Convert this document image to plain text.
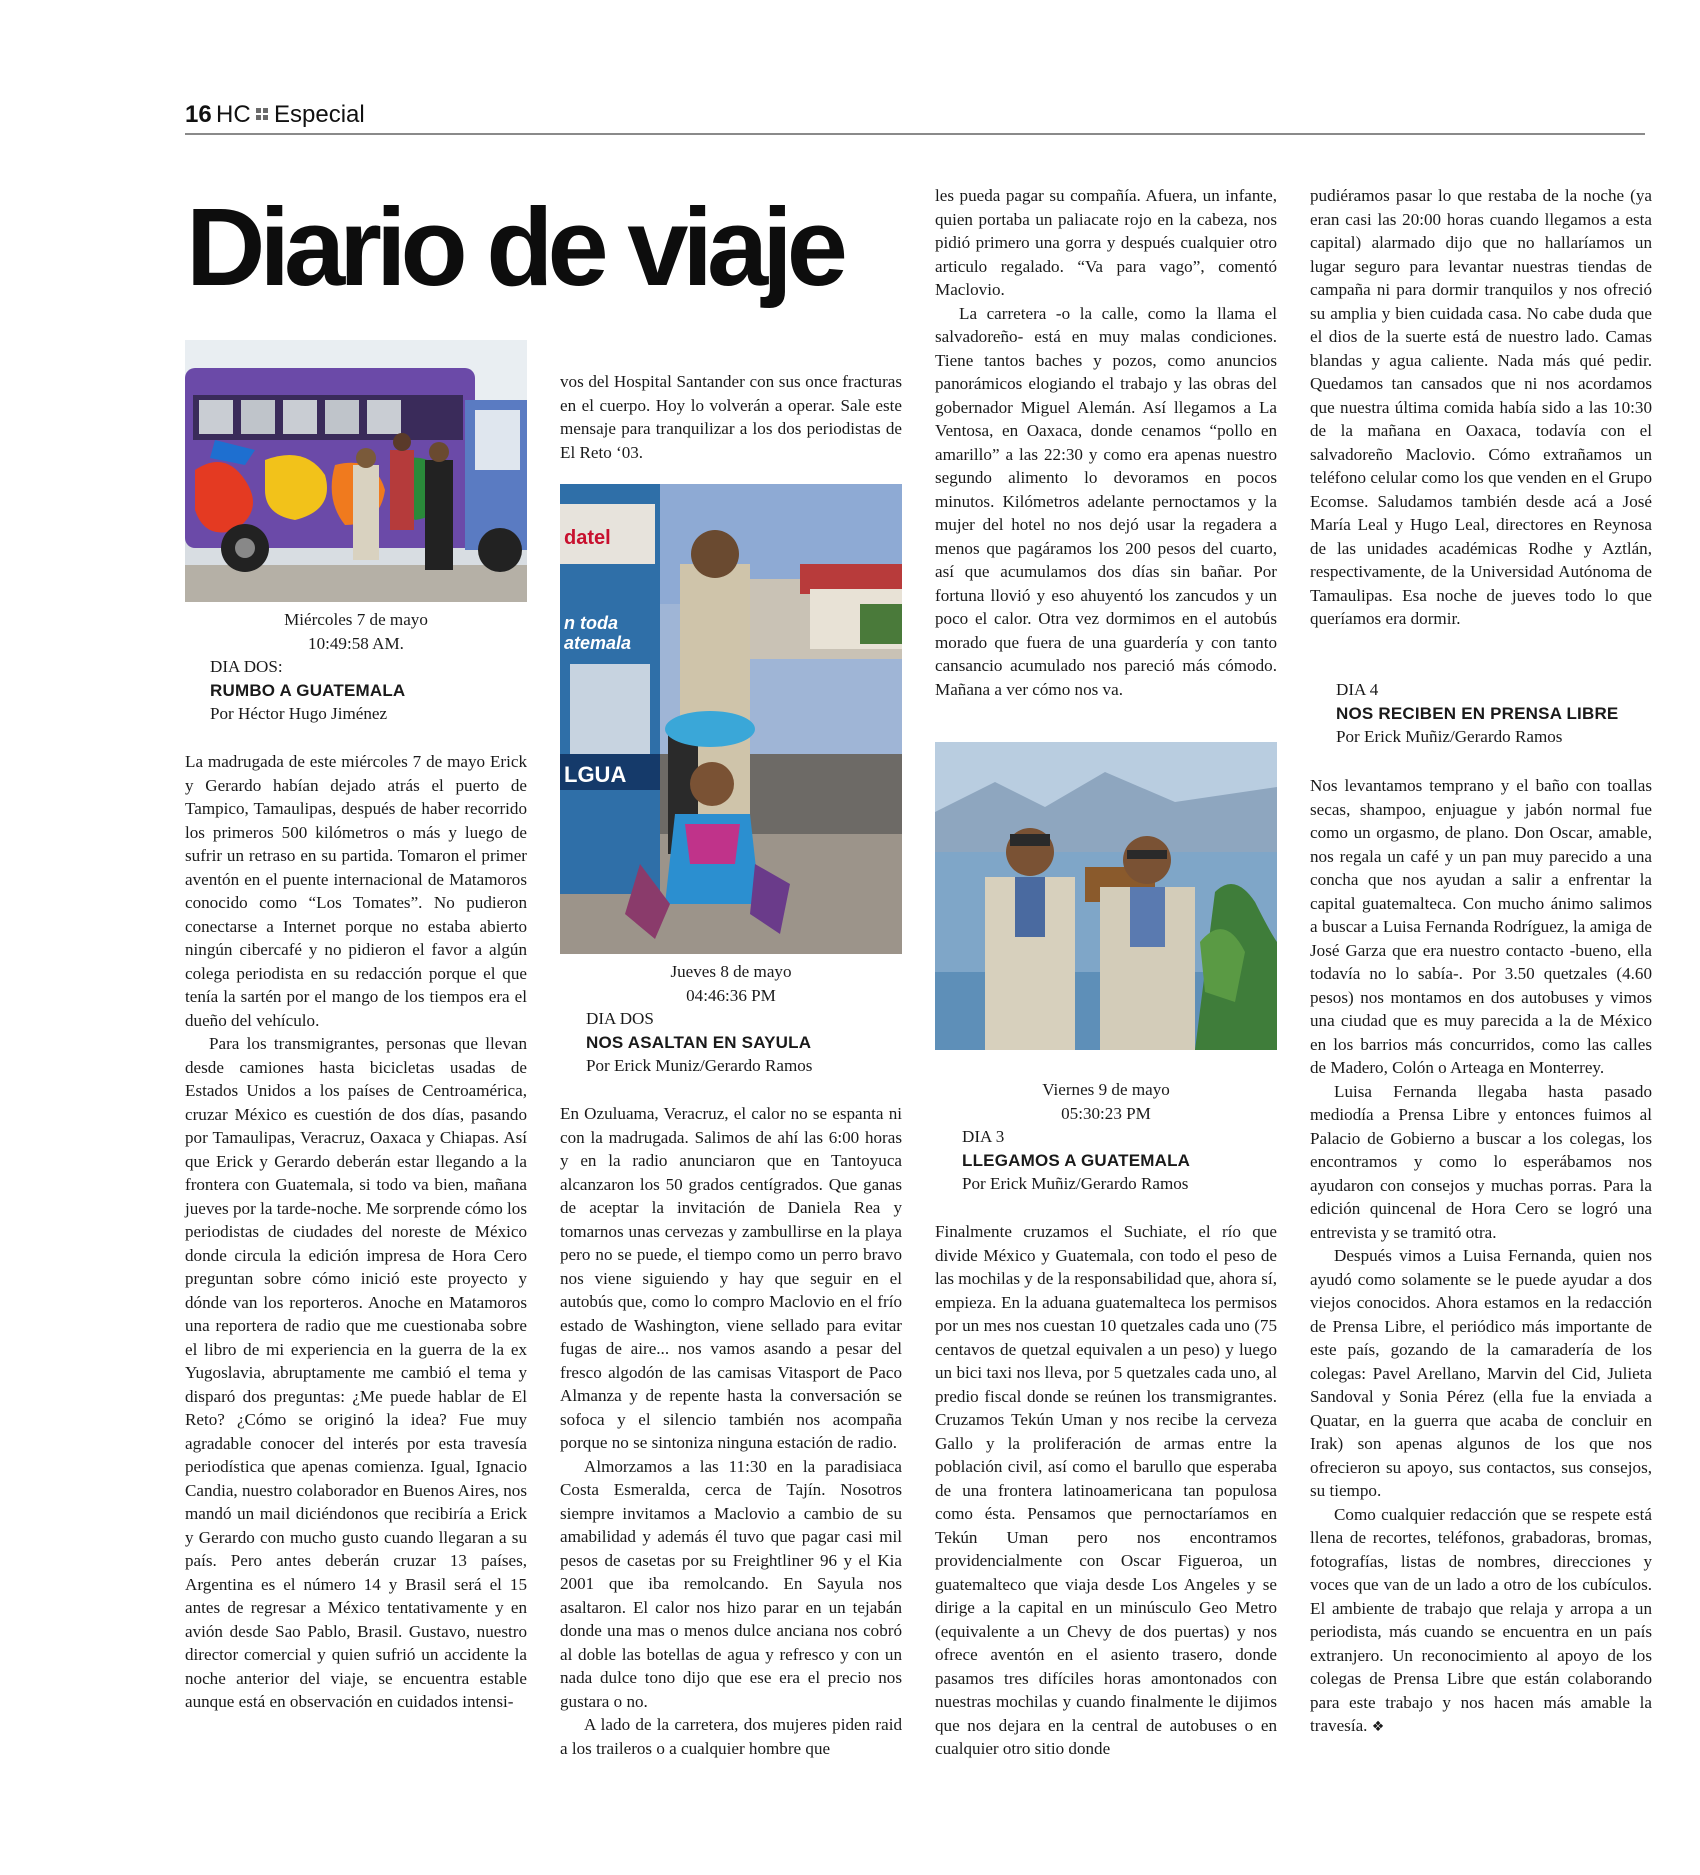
16 HC Especial
Diario de viaje
Miércoles 7 de mayo
10:49:58 AM.
DIA DOS:
RUMBO A GUATEMALA
Por Héctor Hugo Jiménez

La madrugada de este miércoles 7 de mayo Erick y Gerardo habían dejado atrás el puerto de Tampico, Tamaulipas, después de haber recorrido los primeros 500 kilómetros o más y luego de sufrir un retraso en su partida. Tomaron el primer aventón en el puente internacional de Matamoros conocido como “Los Tomates”. No pudieron conectarse a Internet porque no estaba abierto ningún cibercafé y no pidieron el favor a algún colega periodista en su redacción porque el que tenía la sartén por el mango de los tiempos era el dueño del vehículo.

Para los transmigrantes, personas que llevan desde camiones hasta bicicletas usadas de Estados Unidos a los países de Centroamérica, cruzar México es cuestión de dos días, pasando por Tamaulipas, Veracruz, Oaxaca y Chiapas. Así que Erick y Gerardo deberán estar llegando a la frontera con Guatemala, si todo va bien, mañana jueves por la tarde-noche. Me sorprende cómo los periodistas de ciudades del noreste de México donde circula la edición impresa de Hora Cero preguntan sobre cómo inició este proyecto y dónde van los reporteros. Anoche en Matamoros una reportera de radio que me cuestionaba sobre el libro de mi experiencia en la guerra de la ex Yugoslavia, abruptamente me cambió el tema y disparó dos preguntas: ¿Me puede hablar de El Reto? ¿Cómo se originó la idea? Fue muy agradable conocer del interés por esta travesía periodística que apenas comienza. Igual, Ignacio Candia, nuestro colaborador en Buenos Aires, nos mandó un mail diciéndonos que recibiría a Erick y Gerardo con mucho gusto cuando llegaran a su país. Pero antes deberán cruzar 13 países, Argentina es el número 14 y Brasil será el 15 antes de regresar a México tentativamente y en avión desde Sao Pablo, Brasil. Gustavo, nuestro director comercial y quien sufrió un accidente la noche anterior del viaje, se encuentra estable aunque está en observación en cuidados intensi-

vos del Hospital Santander con sus once fracturas en el cuerpo. Hoy lo volverán a operar. Sale este mensaje para tranquilizar a los dos periodistas de El Reto ‘03.

datel
n toda
atemala
LGUA
Jueves 8 de mayo
04:46:36 PM
DIA DOS
NOS ASALTAN EN SAYULA
Por Erick Muniz/Gerardo Ramos

En Ozuluama, Veracruz, el calor no se espanta ni con la madrugada. Salimos de ahí las 6:00 horas y en la radio anunciaron que en Tantoyuca alcanzaron los 50 grados centígrados. Que ganas de aceptar la invitación de Daniela Rea y tomarnos unas cervezas y zambullirse en la playa pero no se puede, el tiempo como un perro bravo nos viene siguiendo y hay que seguir en el autobús que, como lo compro Maclovio en el frío estado de Washington, viene sellado para evitar fugas de aire... nos vamos asando a pesar del fresco algodón de las camisas Vitasport de Paco Almanza y de repente hasta la conversación se sofoca y el silencio también nos acompaña porque no se sintoniza ninguna estación de radio.

Almorzamos a las 11:30 en la paradisiaca Costa Esmeralda, cerca de Tajín. Nosotros siempre invitamos a Maclovio a cambio de su amabilidad y además él tuvo que pagar casi mil pesos de casetas por su Freightliner 96 y el Kia 2001 que iba remolcando. En Sayula nos asaltaron. El calor nos hizo parar en un tejabán donde una mas o menos dulce anciana nos cobró al doble las botellas de agua y refresco y con un nada dulce tono dijo que ese era el precio nos gustara o no.

A lado de la carretera, dos mujeres piden raid a los traileros o a cualquier hombre que

les pueda pagar su compañía. Afuera, un infante, quien portaba un paliacate rojo en la cabeza, nos pidió primero una gorra y después cualquier otro articulo regalado. “Va para vago”, comentó Maclovio.

La carretera -o la calle, como la llama el salvadoreño- está en muy malas condiciones. Tiene tantos baches y pozos, como anuncios panorámicos elogiando el trabajo y las obras del gobernador Miguel Alemán. Así llegamos a La Ventosa, en Oaxaca, donde cenamos “pollo en amarillo” a las 22:30 y como era apenas nuestro segundo alimento lo devoramos en pocos minutos. Kilómetros adelante pernoctamos y la mujer del hotel no nos dejó usar la regadera a menos que pagáramos los 200 pesos del cuarto, así que acumulamos dos días sin bañar. Por fortuna llovió y eso ahuyentó los zancudos y un poco el calor. Otra vez dormimos en el autobús morado que fuera de una guardería y con tanto cansancio acumulado nos pareció más cómodo. Mañana a ver cómo nos va.

Viernes 9 de mayo
05:30:23 PM
DIA 3
LLEGAMOS A GUATEMALA
Por Erick Muñiz/Gerardo Ramos

Finalmente cruzamos el Suchiate, el río que divide México y Guatemala, con todo el peso de las mochilas y de la responsabilidad que, ahora sí, empieza. En la aduana guatemalteca los permisos por un mes nos cuestan 10 quetzales cada uno (75 centavos de quetzal equivalen a un peso) y luego un bici taxi nos lleva, por 5 quetzales cada uno, al predio fiscal donde se reúnen los transmigrantes. Cruzamos Tekún Uman y nos recibe la cerveza Gallo y la proliferación de armas entre la población civil, así como el barullo que esperaba de una frontera latinoamericana tan populosa como ésta. Pensamos que pernoctaríamos en Tekún Uman pero nos encontramos providencialmente con Oscar Figueroa, un guatemalteco que viaja desde Los Angeles y se dirige a la capital en un minúsculo Geo Metro (equivalente a un Chevy de dos puertas) y nos ofrece aventón en el asiento trasero, donde pasamos tres difíciles horas amontonados con nuestras mochilas y cuando finalmente le dijimos que nos dejara en la central de autobuses o en cualquier otro sitio donde

pudiéramos pasar lo que restaba de la noche (ya eran casi las 20:00 horas cuando llegamos a esta capital) alarmado dijo que no hallaríamos un lugar seguro para levantar nuestras tiendas de campaña ni para dormir tranquilos y nos ofreció su amplia y bien cuidada casa. No cabe duda que el dios de la suerte está de nuestro lado. Camas blandas y agua caliente. Nada más qué pedir. Quedamos tan cansados que ni nos acordamos que nuestra última comida había sido a las 10:30 de la mañana en Oaxaca, todavía con el salvadoreño Maclovio. Cómo extrañamos un teléfono celular como los que venden en el Grupo Ecomse. Saludamos también desde acá a José María Leal y Hugo Leal, directores en Reynosa de las unidades académicas Rodhe y Aztlán, respectivamente, de la Universidad Autónoma de Tamaulipas. Esa noche de jueves todo lo que queríamos era dormir.

DIA 4
NOS RECIBEN EN PRENSA LIBRE
Por Erick Muñiz/Gerardo Ramos

Nos levantamos temprano y el baño con toallas secas, shampoo, enjuague y jabón normal fue como un orgasmo, de plano. Don Oscar, amable, nos regala un café y un pan muy parecido a una concha que nos ayudan a salir a enfrentar la capital guatemalteca. Con mucho ánimo salimos a buscar a Luisa Fernanda Rodríguez, la amiga de José Garza que era nuestro contacto -bueno, ella todavía no lo sabía-. Por 3.50 quetzales (4.60 pesos) nos montamos en dos autobuses y vimos una ciudad que es muy parecida a la de México en los barrios más concurridos, como las calles de Madero, Colón o Arteaga en Monterrey.

Luisa Fernanda llegaba hasta pasado mediodía a Prensa Libre y entonces fuimos al Palacio de Gobierno a buscar a los colegas, los encontramos y como lo esperábamos nos ayudaron con consejos y muchas porras. Para la edición quincenal de Hora Cero se logró una entrevista y se tramitó otra.

Después vimos a Luisa Fernanda, quien nos ayudó como solamente se le puede ayudar a dos viejos conocidos. Ahora estamos en la redacción de Prensa Libre, el periódico más importante de este país, gozando de la camaradería de los colegas: Pavel Arellano, Marvin del Cid, Julieta Sandoval y Sonia Pérez (ella fue la enviada a Quatar, en la guerra que acaba de concluir en Irak) son apenas algunos de los que nos ofrecieron su apoyo, sus contactos, sus consejos, su tiempo.

Como cualquier redacción que se respete está llena de recortes, teléfonos, grabadoras, bromas, fotografías, listas de nombres, direcciones y voces que van de un lado a otro de los cubículos. El ambiente de trabajo que relaja y arropa a un periodista, más cuando se encuentra en un país extranjero. Un reconocimiento al apoyo de los colegas de Prensa Libre que están colaborando para este trabajo y nos hacen más amable la travesía. ❖
